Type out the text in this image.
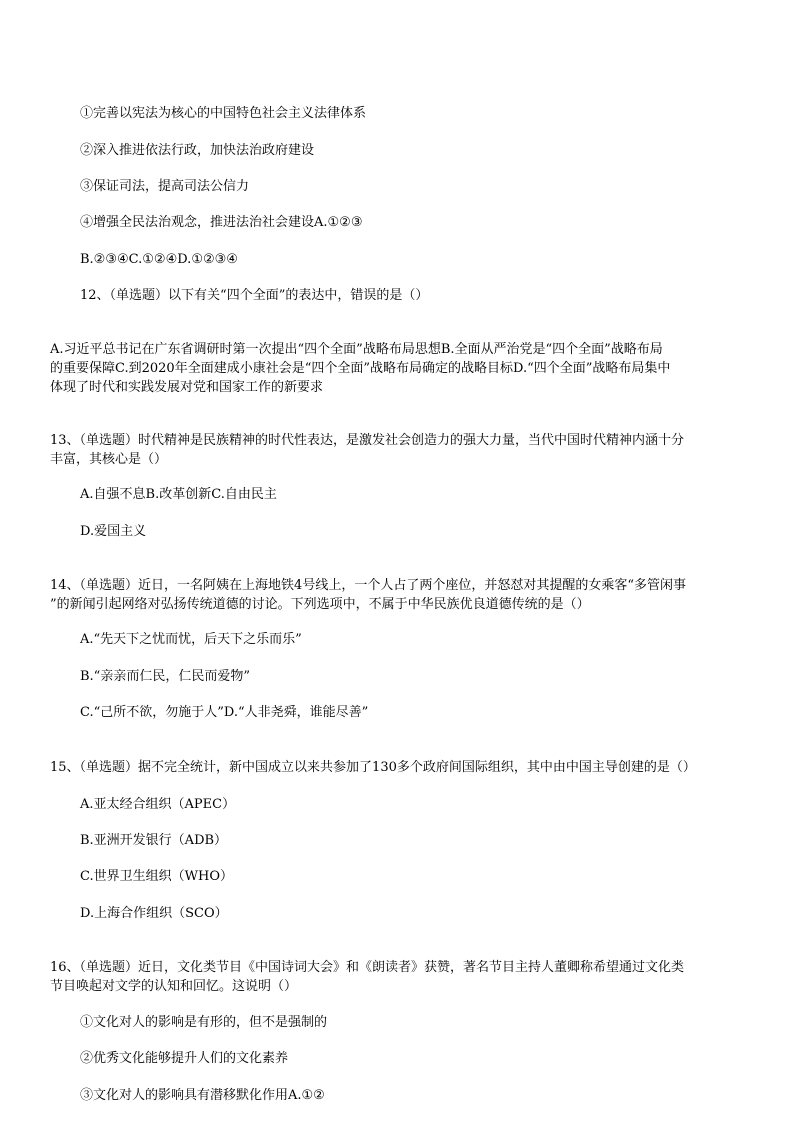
①完善以宪法为核心的中国特色社会主义法律体系

②深入推进依法行政，加快法治政府建设

③保证司法，提高司法公信力

④增强全民法治观念，推进法治社会建设A.①②③

B.②③④C.①②④D.①②③④

12、（单选题）以下有关“四个全面”的表达中，错误的是（）

A.习近平总书记在广东省调研时第一次提出“四个全面”战略布局思想B.全面从严治党是“四个全面”战略布局

的重要保障C.到2020年全面建成小康社会是“四个全面”战略布局确定的战略目标D.“四个全面”战略布局集中

体现了时代和实践发展对党和国家工作的新要求

13、（单选题）时代精神是民族精神的时代性表达，是激发社会创造力的强大力量，当代中国时代精神内涵十分

丰富，其核心是（）

A.自强不息B.改革创新C.自由民主

D.爱国主义

14、（单选题）近日，一名阿姨在上海地铁4号线上，一个人占了两个座位，并怒怼对其提醒的女乘客“多管闲事

”的新闻引起网络对弘扬传统道德的讨论。下列选项中，不属于中华民族优良道德传统的是（）

A.“先天下之忧而忧，后天下之乐而乐”

B.“亲亲而仁民，仁民而爱物”

C.“己所不欲，勿施于人”D.“人非尧舜，谁能尽善”

15、（单选题）据不完全统计，新中国成立以来共参加了130多个政府间国际组织，其中由中国主导创建的是（）

A.亚太经合组织（APEC）

B.亚洲开发银行（ADB）

C.世界卫生组织（WHO）

D.上海合作组织（SCO）

16、（单选题）近日，文化类节目《中国诗词大会》和《朗读者》获赞，著名节目主持人董卿称希望通过文化类

节目唤起对文学的认知和回忆。这说明（）

①文化对人的影响是有形的，但不是强制的

②优秀文化能够提升人们的文化素养

③文化对人的影响具有潜移默化作用A.①②
